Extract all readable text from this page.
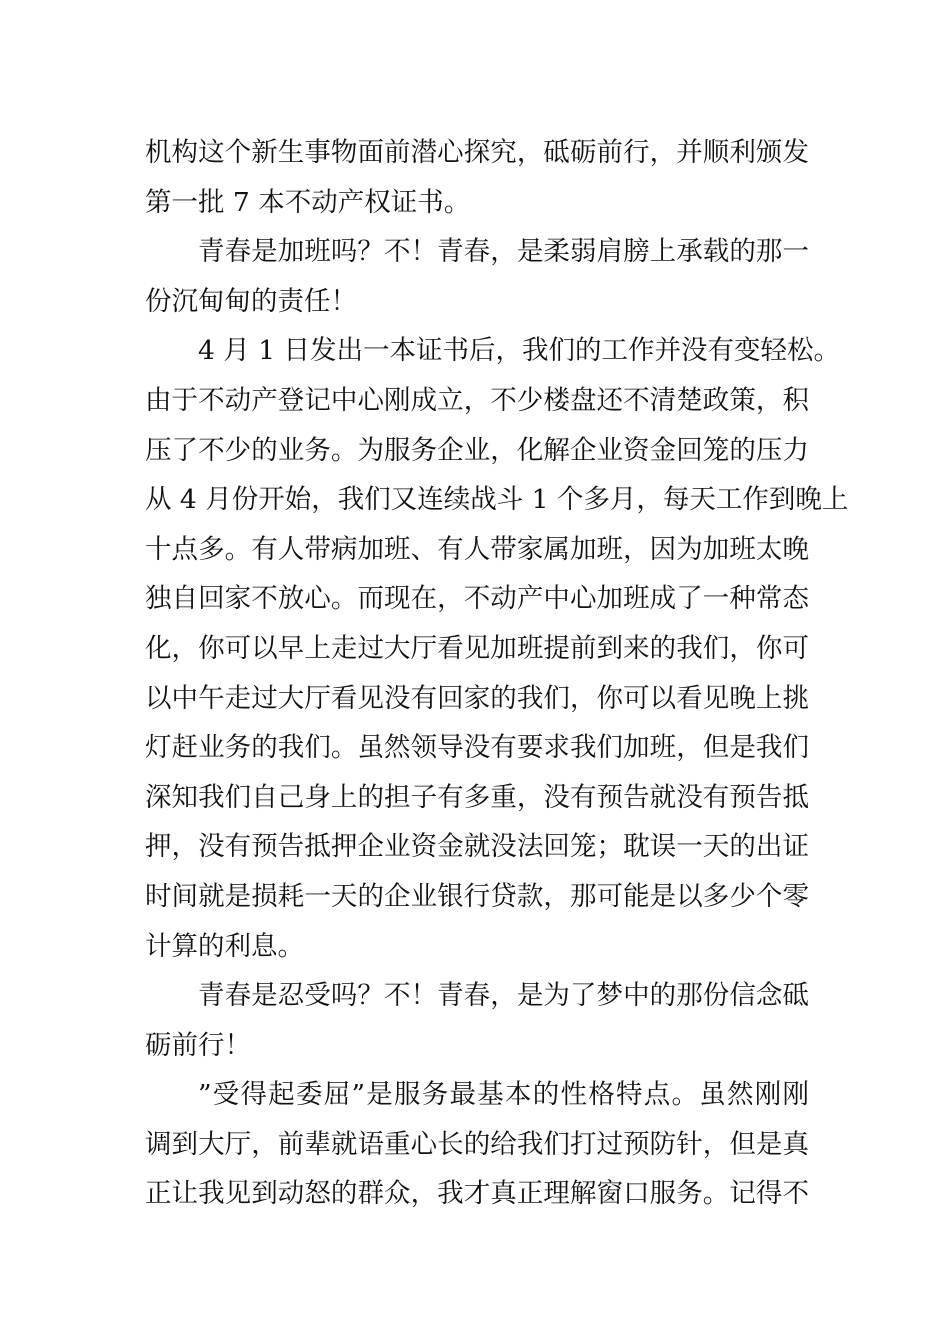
机构这个新生事物面前潜心探究，砥砺前行，并顺利颁发
第一批 7 本不动产权证书。
青春是加班吗？不！青春，是柔弱肩膀上承载的那一
份沉甸甸的责任！
4 月 1 日发出一本证书后，我们的工作并没有变轻松。
由于不动产登记中心刚成立，不少楼盘还不清楚政策，积
压了不少的业务。为服务企业，化解企业资金回笼的压力
从 4 月份开始，我们又连续战斗 1 个多月，每天工作到晚上
十点多。有人带病加班、有人带家属加班，因为加班太晚
独自回家不放心。而现在，不动产中心加班成了一种常态
化，你可以早上走过大厅看见加班提前到来的我们，你可
以中午走过大厅看见没有回家的我们，你可以看见晚上挑
灯赶业务的我们。虽然领导没有要求我们加班，但是我们
深知我们自己身上的担子有多重，没有预告就没有预告抵
押，没有预告抵押企业资金就没法回笼；耽误一天的出证
时间就是损耗一天的企业银行贷款，那可能是以多少个零
计算的利息。
青春是忍受吗？不！青春，是为了梦中的那份信念砥
砺前行！
”受得起委屈”是服务最基本的性格特点。虽然刚刚
调到大厅，前辈就语重心长的给我们打过预防针，但是真
正让我见到动怒的群众，我才真正理解窗口服务。记得不
